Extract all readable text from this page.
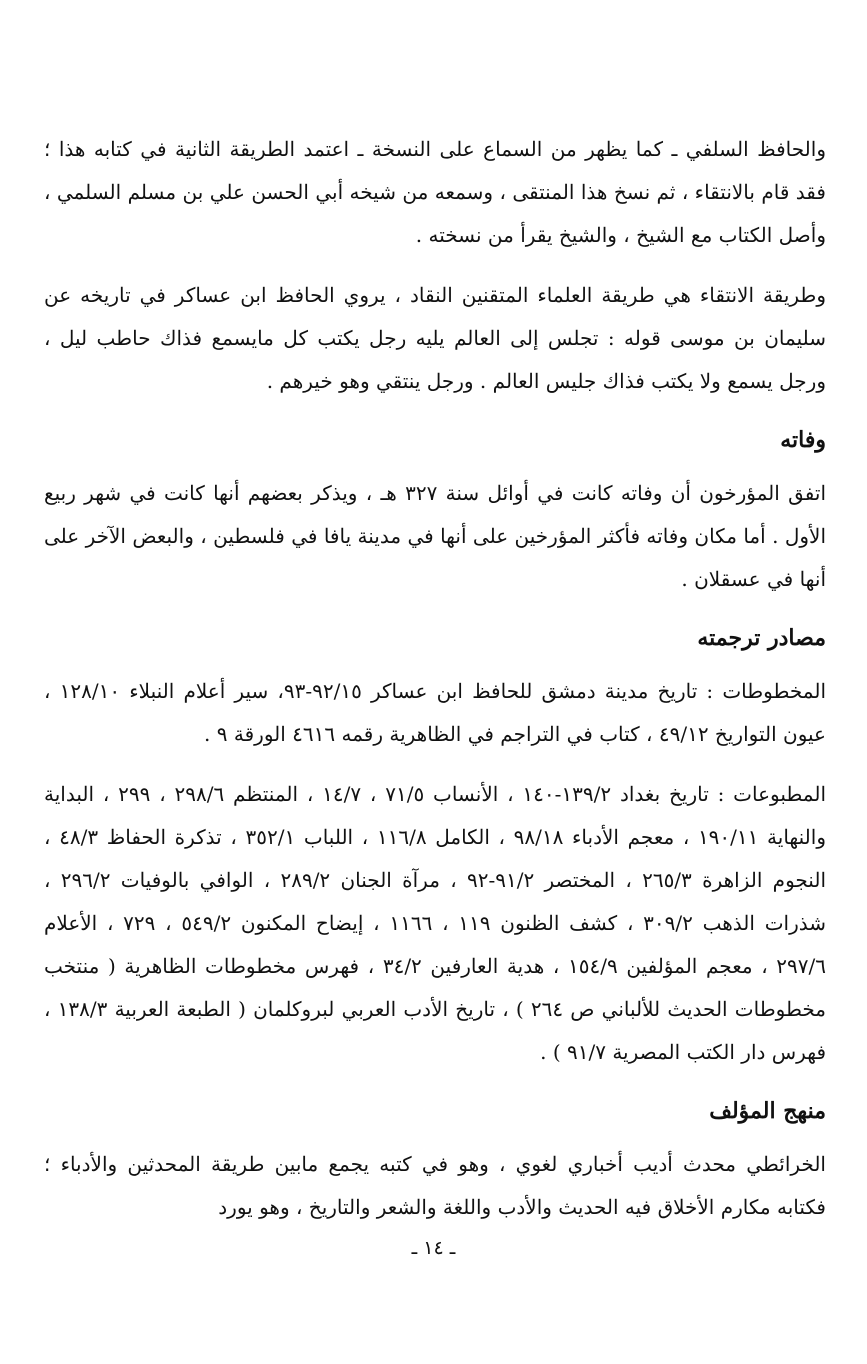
والحافظ السلفي ـ كما يظهر من السماع على النسخة ـ اعتمد الطريقة الثانية في كتابه هذا ؛ فقد قام بالانتقاء ، ثم نسخ هذا المنتقى ، وسمعه من شيخه أبي الحسن علي بن مسلم السلمي ، وأصل الكتاب مع الشيخ ، والشيخ يقرأ من نسخته .

وطريقة الانتقاء هي طريقة العلماء المتقنين النقاد ، يروي الحافظ ابن عساكر في تاريخه عن سليمان بن موسى قوله : تجلس إلى العالم يليه رجل يكتب كل مايسمع فذاك حاطب ليل ، ورجل يسمع ولا يكتب فذاك جليس العالم . ورجل ينتقي وهو خيرهم .

وفاته

اتفق المؤرخون أن وفاته كانت في أوائل سنة ٣٢٧ هـ ، ويذكر بعضهم أنها كانت في شهر ربيع الأول . أما مكان وفاته فأكثر المؤرخين على أنها في مدينة يافا في فلسطين ، والبعض الآخر على أنها في عسقلان .

مصادر ترجمته

المخطوطات : تاريخ مدينة دمشق للحافظ ابن عساكر ٩٢/١٥-٩٣، سير أعلام النبلاء ١٢٨/١٠ ، عيون التواريخ ٤٩/١٢ ، كتاب في التراجم في الظاهرية رقمه ٤٦١٦ الورقة ٩ .

المطبوعات : تاريخ بغداد ١٣٩/٢-١٤٠ ، الأنساب ٧١/٥ ، ١٤/٧ ، المنتظم ٢٩٨/٦ ، ٢٩٩ ، البداية والنهاية ١٩٠/١١ ، معجم الأدباء ٩٨/١٨ ، الكامل ١١٦/٨ ، اللباب ٣٥٢/١ ، تذكرة الحفاظ ٤٨/٣ ، النجوم الزاهرة ٢٦٥/٣ ، المختصر ٩١/٢-٩٢ ، مرآة الجنان ٢٨٩/٢ ، الوافي بالوفيات ٢٩٦/٢ ، شذرات الذهب ٣٠٩/٢ ، كشف الظنون ١١٩ ، ١١٦٦ ، إيضاح المكنون ٥٤٩/٢ ، ٧٢٩ ، الأعلام ٢٩٧/٦ ، معجم المؤلفين ١٥٤/٩ ، هدية العارفين ٣٤/٢ ، فهرس مخطوطات الظاهرية ( منتخب مخطوطات الحديث للألباني ص ٢٦٤ ) ، تاريخ الأدب العربي لبروكلمان ( الطبعة العربية ١٣٨/٣ ، فهرس دار الكتب المصرية ٩١/٧ ) .

منهج المؤلف

الخرائطي محدث أديب أخباري لغوي ، وهو في كتبه يجمع مابين طريقة المحدثين والأدباء ؛ فكتابه مكارم الأخلاق فيه الحديث والأدب واللغة والشعر والتاريخ ، وهو يورد

ـ ١٤ ـ
